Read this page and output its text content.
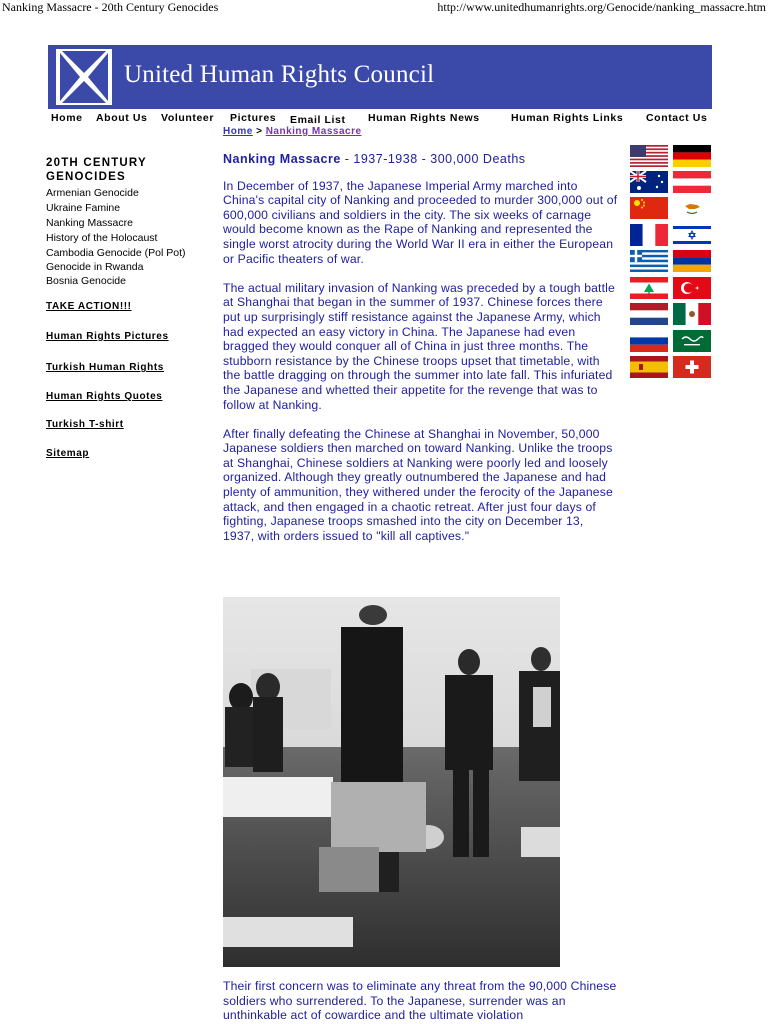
Nanking Massacre - 20th Century Genocides	http://www.unitedhumanrights.org/Genocide/nanking_massacre.htm
United Human Rights Council
Home About Us Volunteer Pictures Email List Human Rights News	Human Rights Links Contact Us
Home > Nanking Massacre
20TH CENTURY
GENOCIDES
Armenian Genocide
Ukraine Famine
Nanking Massacre
History of the Holocaust
Cambodia Genocide (Pol Pot)
Genocide in Rwanda
Bosnia Genocide
TAKE ACTION!!!
Human Rights Pictures
Turkish Human Rights
Human Rights Quotes
Turkish T-shirt
Sitemap
Nanking Massacre - 1937-1938 - 300,000 Deaths

In December of 1937, the Japanese Imperial Army marched into China's capital city of Nanking and proceeded to murder 300,000 out of 600,000 civilians and soldiers in the city. The six weeks of carnage would become known as the Rape of Nanking and represented the single worst atrocity during the World War II era in either the European or Pacific theaters of war.

The actual military invasion of Nanking was preceded by a tough battle at Shanghai that began in the summer of 1937. Chinese forces there put up surprisingly stiff resistance against the Japanese Army, which had expected an easy victory in China. The Japanese had even bragged they would conquer all of China in just three months. The stubborn resistance by the Chinese troops upset that timetable, with the battle dragging on through the summer into late fall. This infuriated the Japanese and whetted their appetite for the revenge that was to follow at Nanking.

After finally defeating the Chinese at Shanghai in November, 50,000 Japanese soldiers then marched on toward Nanking. Unlike the troops at Shanghai, Chinese soldiers at Nanking were poorly led and loosely organized. Although they greatly outnumbered the Japanese and had plenty of ammunition, they withered under the ferocity of the Japanese attack, and then engaged in a chaotic retreat. After just four days of fighting, Japanese troops smashed into the city on December 13, 1937, with orders issued to "kill all captives."

Their first concern was to eliminate any threat from the 90,000 Chinese soldiers who surrendered. To the Japanese, surrender was an unthinkable act of cowardice and the ultimate violation
